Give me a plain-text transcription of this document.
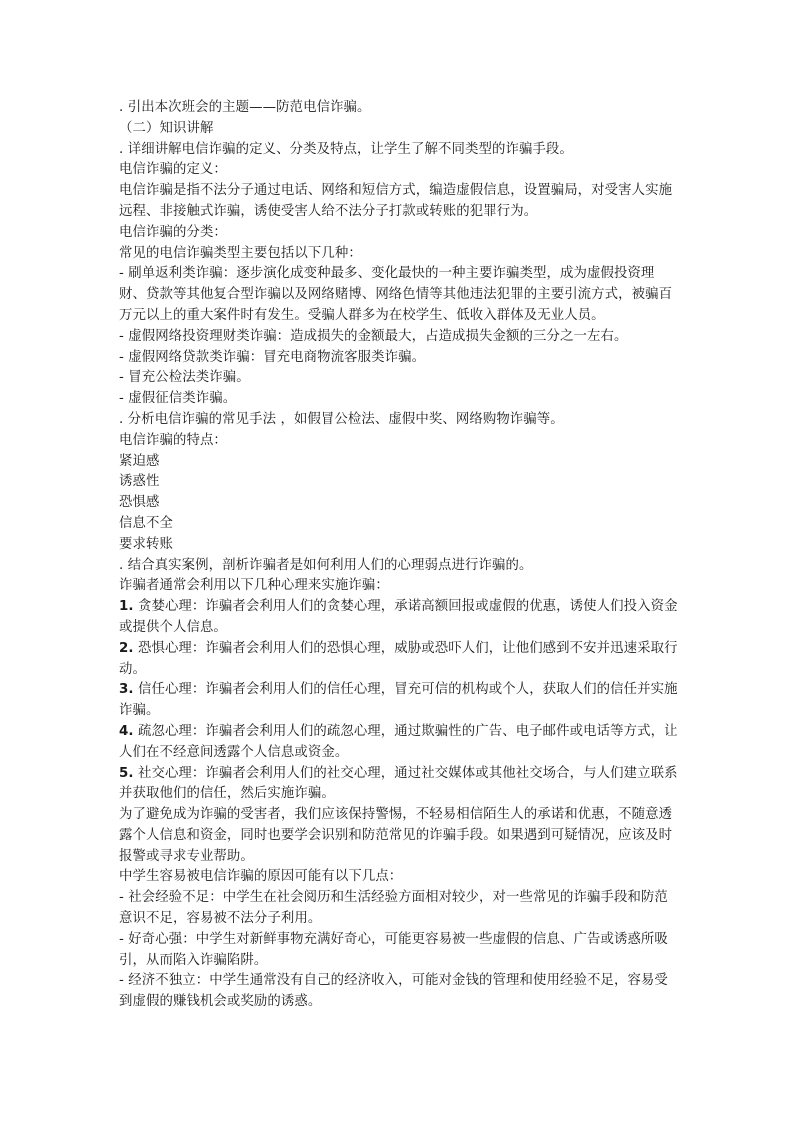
. 引出本次班会的主题——防范电信诈骗。

（二）知识讲解

. 详细讲解电信诈骗的定义、分类及特点，让学生了解不同类型的诈骗手段。

电信诈骗的定义：

电信诈骗是指不法分子通过电话、网络和短信方式，编造虚假信息，设置骗局，对受害人实施远程、非接触式诈骗，诱使受害人给不法分子打款或转账的犯罪行为。

电信诈骗的分类：

常见的电信诈骗类型主要包括以下几种：

- 刷单返利类诈骗：逐步演化成变种最多、变化最快的一种主要诈骗类型，成为虚假投资理财、贷款等其他复合型诈骗以及网络赌博、网络色情等其他违法犯罪的主要引流方式，被骗百万元以上的重大案件时有发生。受骗人群多为在校学生、低收入群体及无业人员。

- 虚假网络投资理财类诈骗：造成损失的金额最大，占造成损失金额的三分之一左右。

- 虚假网络贷款类诈骗：冒充电商物流客服类诈骗。

- 冒充公检法类诈骗。

- 虚假征信类诈骗。

. 分析电信诈骗的常见手法 ，如假冒公检法、虚假中奖、网络购物诈骗等。

电信诈骗的特点：

紧迫感

诱惑性

恐惧感

信息不全

要求转账

. 结合真实案例，剖析诈骗者是如何利用人们的心理弱点进行诈骗的。

诈骗者通常会利用以下几种心理来实施诈骗：

1. 贪婪心理：诈骗者会利用人们的贪婪心理，承诺高额回报或虚假的优惠，诱使人们投入资金或提供个人信息。

2. 恐惧心理：诈骗者会利用人们的恐惧心理，威胁或恐吓人们，让他们感到不安并迅速采取行动。

3. 信任心理：诈骗者会利用人们的信任心理，冒充可信的机构或个人，获取人们的信任并实施诈骗。

4. 疏忽心理：诈骗者会利用人们的疏忽心理，通过欺骗性的广告、电子邮件或电话等方式，让人们在不经意间透露个人信息或资金。

5. 社交心理：诈骗者会利用人们的社交心理，通过社交媒体或其他社交场合，与人们建立联系并获取他们的信任，然后实施诈骗。

为了避免成为诈骗的受害者，我们应该保持警惕，不轻易相信陌生人的承诺和优惠，不随意透露个人信息和资金，同时也要学会识别和防范常见的诈骗手段。如果遇到可疑情况，应该及时报警或寻求专业帮助。

中学生容易被电信诈骗的原因可能有以下几点：

- 社会经验不足：中学生在社会阅历和生活经验方面相对较少，对一些常见的诈骗手段和防范意识不足，容易被不法分子利用。

- 好奇心强：中学生对新鲜事物充满好奇心，可能更容易被一些虚假的信息、广告或诱惑所吸引，从而陷入诈骗陷阱。

- 经济不独立：中学生通常没有自己的经济收入，可能对金钱的管理和使用经验不足，容易受到虚假的赚钱机会或奖励的诱惑。
